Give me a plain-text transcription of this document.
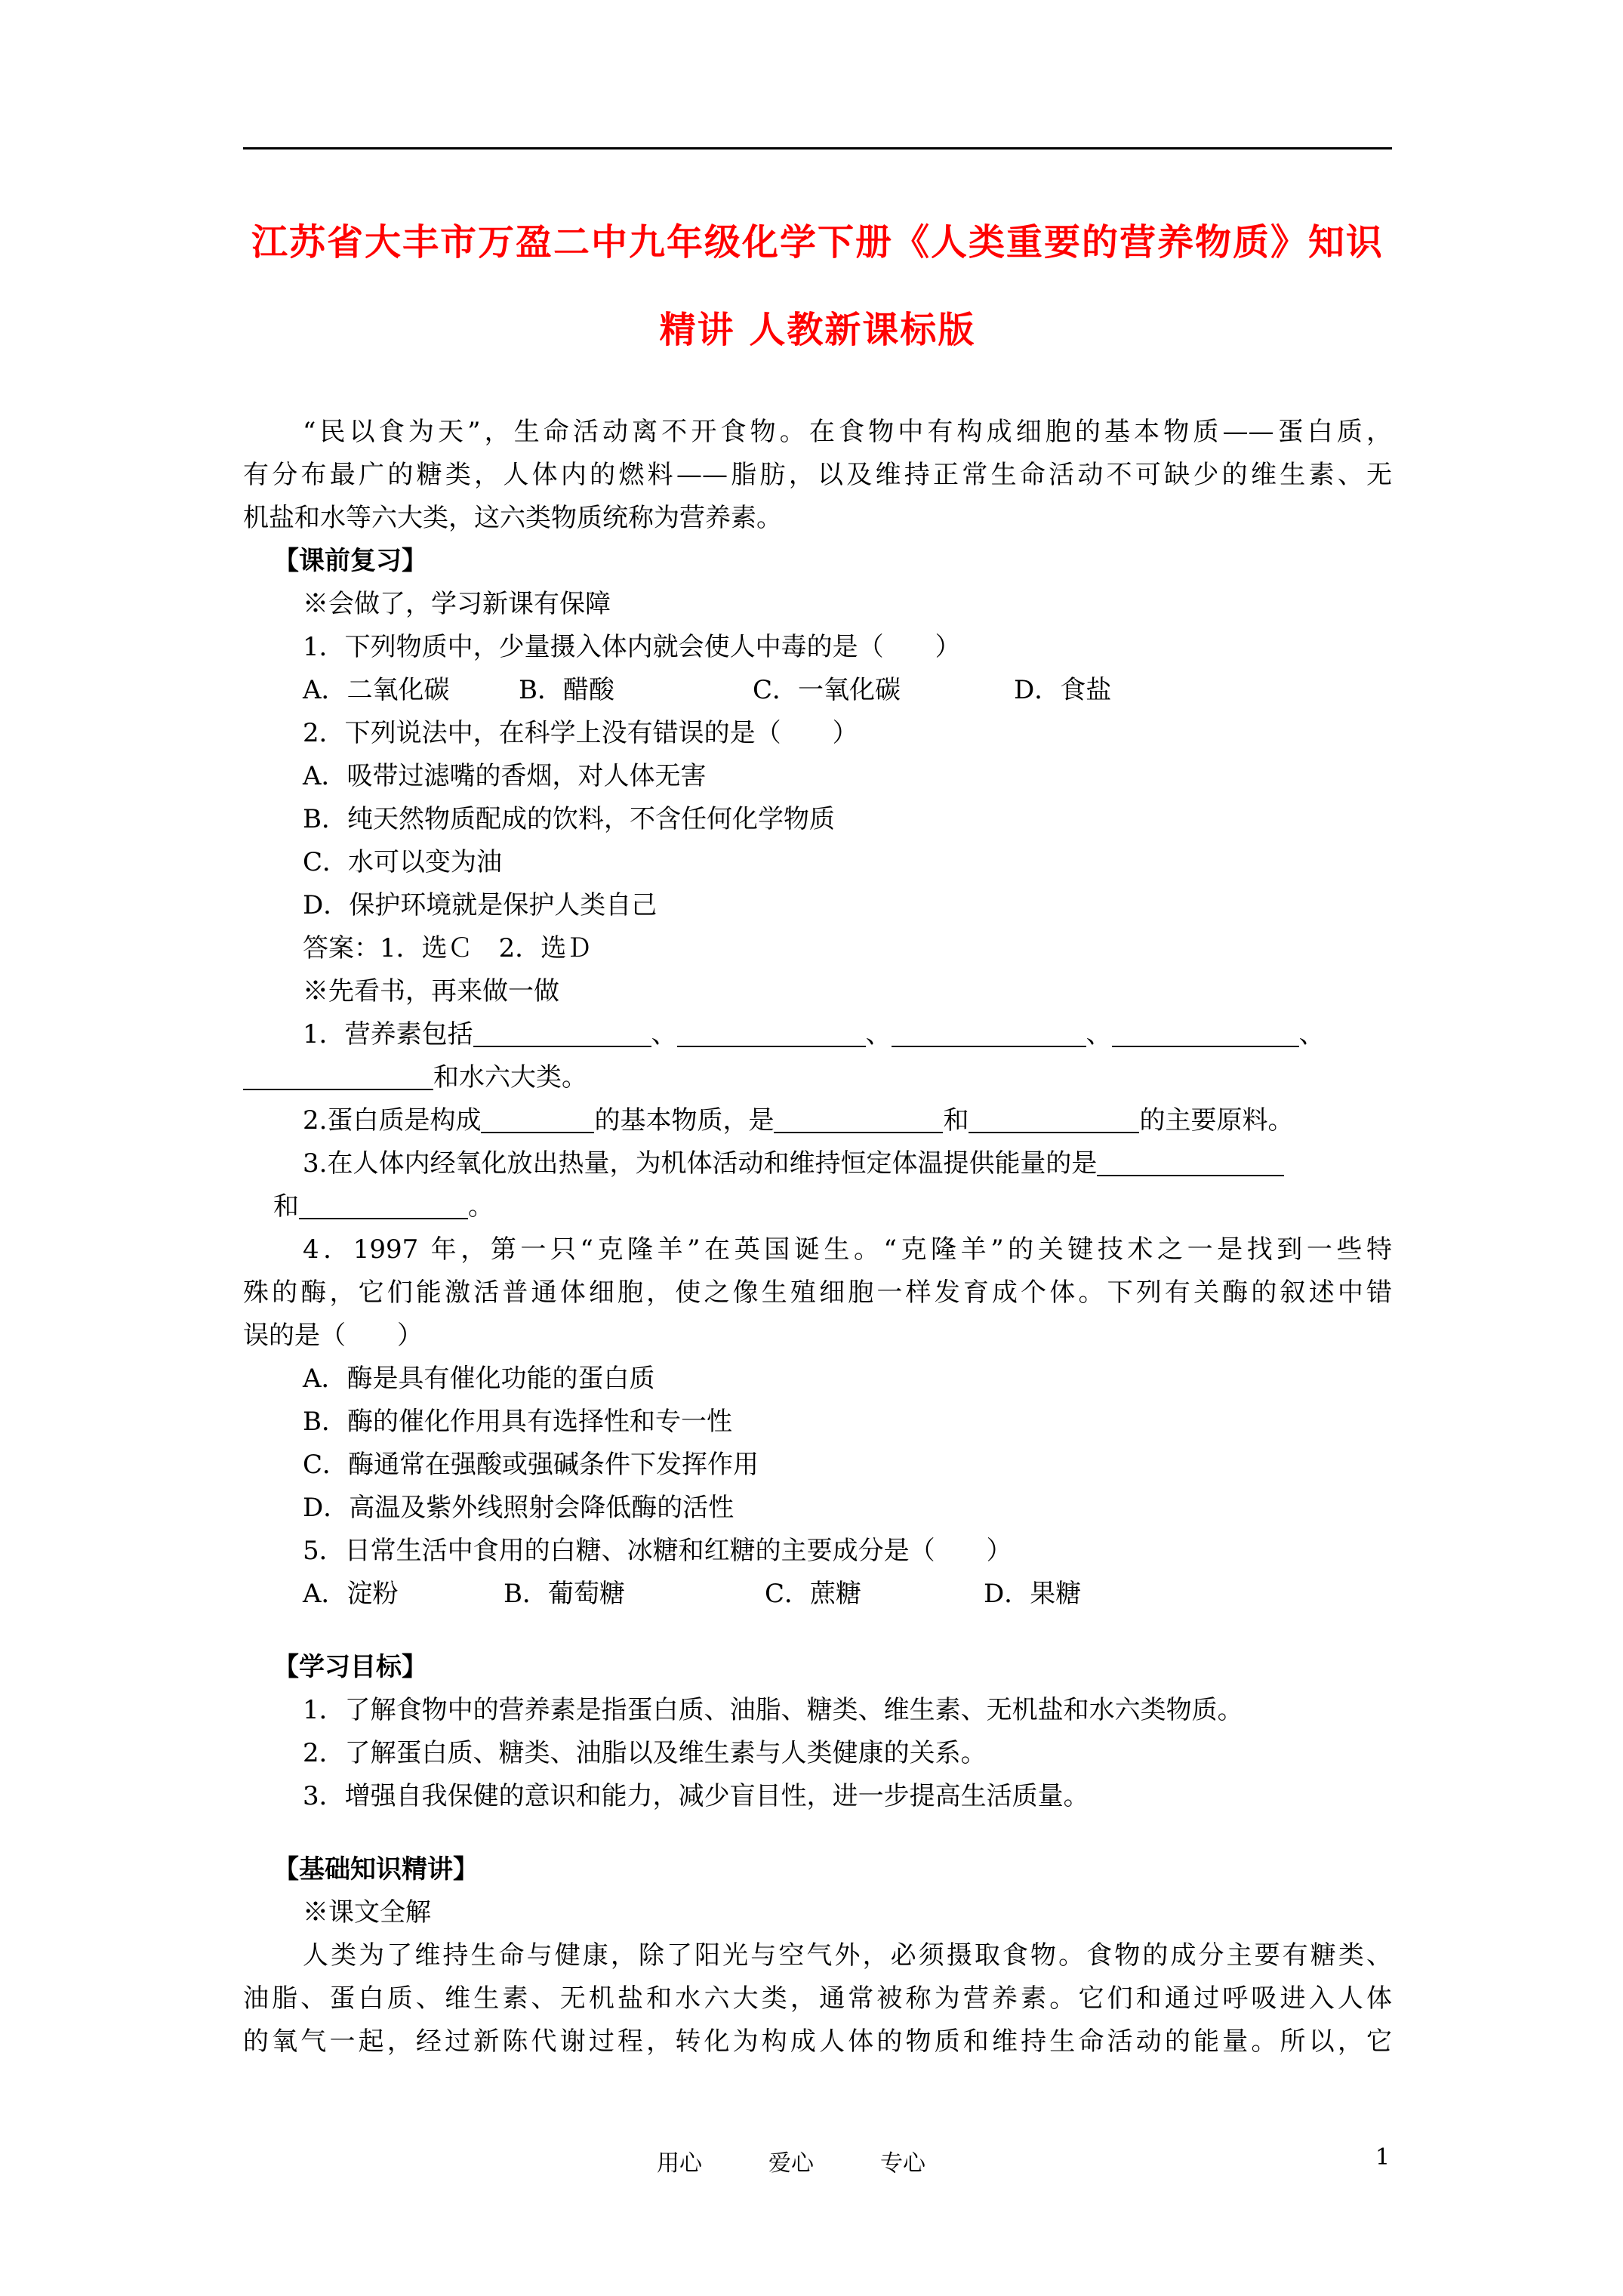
江苏省大丰市万盈二中九年级化学下册《人类重要的营养物质》知识
精讲 人教新课标版
“民以食为天”，生命活动离不开食物。在食物中有构成细胞的基本物质——蛋白质，
有分布最广的糖类，人体内的燃料——脂肪，以及维持正常生命活动不可缺少的维生素、无
机盐和水等六大类，这六类物质统称为营养素。
【课前复习】
※会做了，学习新课有保障
1．下列物质中，少量摄入体内就会使人中毒的是（　　）
A．二氧化碳	B．醋酸	C．一氧化碳	D．食盐
2．下列说法中，在科学上没有错误的是（　　）
A．吸带过滤嘴的香烟，对人体无害
B．纯天然物质配成的饮料，不含任何化学物质
C．水可以变为油
D．保护环境就是保护人类自己
答案：1．选Ｃ　2．选Ｄ
※先看书，再来做一做
1．营养素包括	、	、	、	、
和水六大类。
2.蛋白质是构成	的基本物质，是	和	的主要原料。
3.在人体内经氧化放出热量，为机体活动和维持恒定体温提供能量的是
和	。
4．1997 年，第一只“克隆羊”在英国诞生。“克隆羊”的关键技术之一是找到一些特
殊的酶，它们能激活普通体细胞，使之像生殖细胞一样发育成个体。下列有关酶的叙述中错
误的是（　　）
A．酶是具有催化功能的蛋白质
B．酶的催化作用具有选择性和专一性
C．酶通常在强酸或强碱条件下发挥作用
D．高温及紫外线照射会降低酶的活性
5．日常生活中食用的白糖、冰糖和红糖的主要成分是（　　）
A．淀粉	B．葡萄糖	C．蔗糖	D．果糖
【学习目标】
1．了解食物中的营养素是指蛋白质、油脂、糖类、维生素、无机盐和水六类物质。
2．了解蛋白质、糖类、油脂以及维生素与人类健康的关系。
3．增强自我保健的意识和能力，减少盲目性，进一步提高生活质量。
【基础知识精讲】
※课文全解
人类为了维持生命与健康，除了阳光与空气外，必须摄取食物。食物的成分主要有糖类、
油脂、蛋白质、维生素、无机盐和水六大类，通常被称为营养素。它们和通过呼吸进入人体
的氧气一起，经过新陈代谢过程，转化为构成人体的物质和维持生命活动的能量。所以，它
用心	爱心	专心	1
